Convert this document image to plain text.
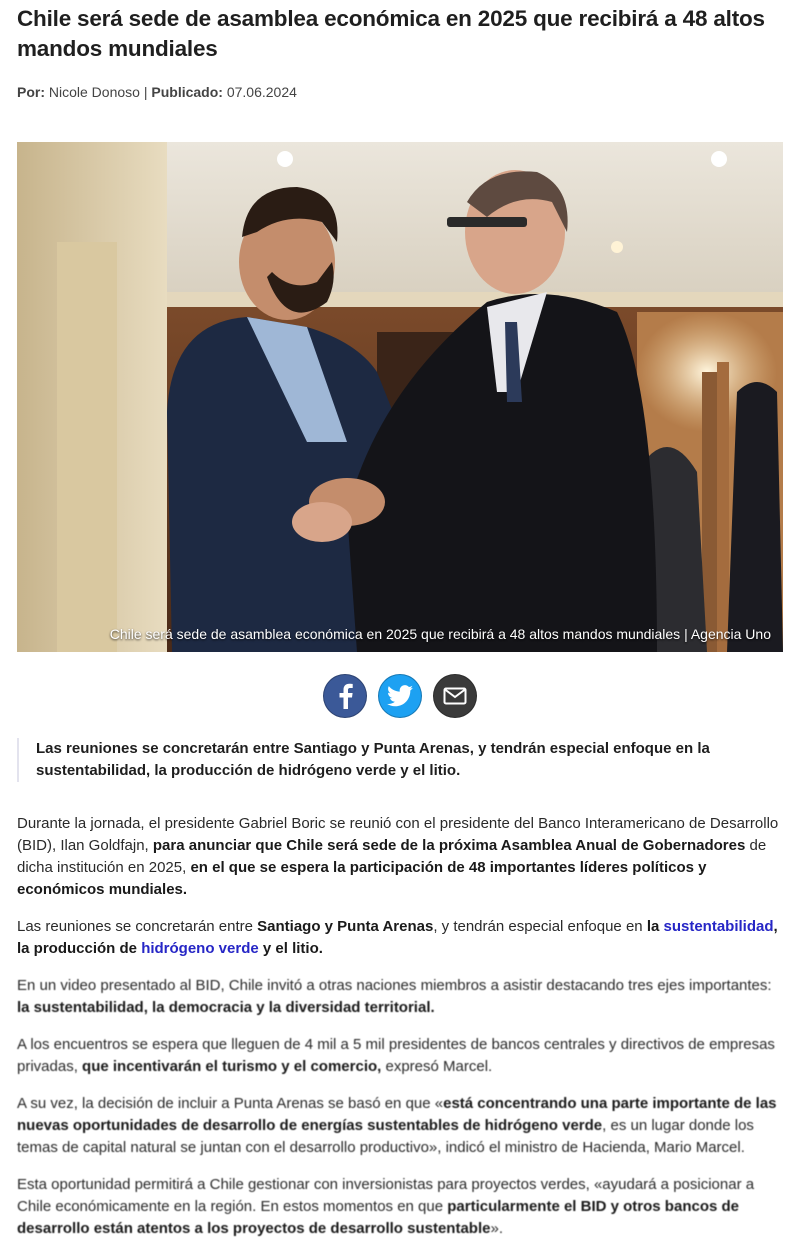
Chile será sede de asamblea económica en 2025 que recibirá a 48 altos mandos mundiales
Por: Nicole Donoso | Publicado: 07.06.2024
Chile será sede de asamblea económica en 2025 que recibirá a 48 altos mandos mundiales | Agencia Uno
Las reuniones se concretarán entre Santiago y Punta Arenas, y tendrán especial enfoque en la sustentabilidad, la producción de hidrógeno verde y el litio.

Durante la jornada, el presidente Gabriel Boric se reunió con el presidente del Banco Interamericano de Desarrollo (BID), Ilan Goldfajn, para anunciar que Chile será sede de la próxima Asamblea Anual de Gobernadores de dicha institución en 2025, en el que se espera la participación de 48 importantes líderes políticos y económicos mundiales.

Las reuniones se concretarán entre Santiago y Punta Arenas, y tendrán especial enfoque en la sustentabilidad, la producción de hidrógeno verde y el litio.

En un video presentado al BID, Chile invitó a otras naciones miembros a asistir destacando tres ejes importantes: la sustentabilidad, la democracia y la diversidad territorial.

A los encuentros se espera que lleguen de 4 mil a 5 mil presidentes de bancos centrales y directivos de empresas privadas, que incentivarán el turismo y el comercio, expresó Marcel.

A su vez, la decisión de incluir a Punta Arenas se basó en que «está concentrando una parte importante de las nuevas oportunidades de desarrollo de energías sustentables de hidrógeno verde, es un lugar donde los temas de capital natural se juntan con el desarrollo productivo», indicó el ministro de Hacienda, Mario Marcel.

Esta oportunidad permitirá a Chile gestionar con inversionistas para proyectos verdes, «ayudará a posicionar a Chile económicamente en la región. En estos momentos en que particularmente el BID y otros bancos de desarrollo están atentos a los proyectos de desarrollo sustentable».
